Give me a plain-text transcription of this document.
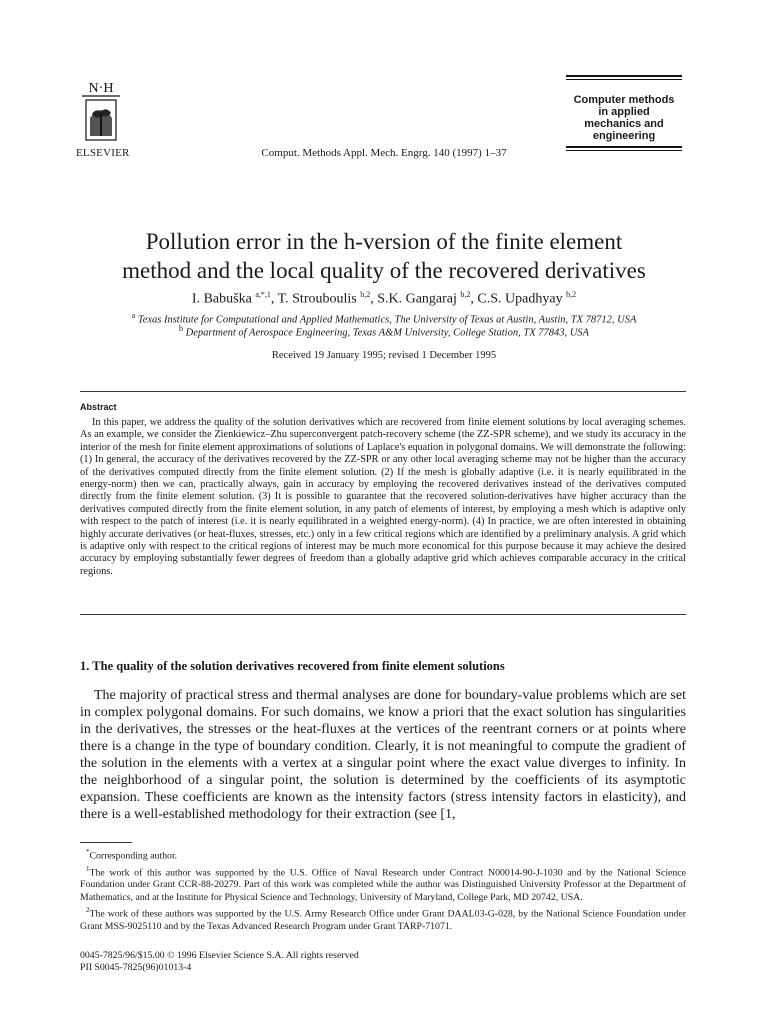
N·H
ELSEVIER	Comput. Methods Appl. Mech. Engrg. 140 (1997) 1–37
Computer methods
in applied
mechanics and
engineering
Pollution error in the h-version of the finite element
method and the local quality of the recovered derivatives
I. Babuška $^{a,*,1}$, T. Strouboulis $^{b,2}$, S.K. Gangaraj $^{b,2}$, C.S. Upadhyay $^{b,2}$
$^a$ Texas Institute for Computational and Applied Mathematics, The University of Texas at Austin, Austin, TX 78712, USA
$^b$ Department of Aerospace Engineering, Texas A&M University, College Station, TX 77843, USA
Received 19 January 1995; revised 1 December 1995
Abstract

In this paper, we address the quality of the solution derivatives which are recovered from finite element solutions by local averaging schemes. As an example, we consider the Zienkiewicz–Zhu superconvergent patch-recovery scheme (the ZZ-SPR scheme), and we study its accuracy in the interior of the mesh for finite element approximations of solutions of Laplace's equation in polygonal domains. We will demonstrate the following: (1) In general, the accuracy of the derivatives recovered by the ZZ-SPR or any other local averaging scheme may not be higher than the accuracy of the derivatives computed directly from the finite element solution. (2) If the mesh is globally adaptive (i.e. it is nearly equilibrated in the energy-norm) then we can, practically always, gain in accuracy by employing the recovered derivatives instead of the derivatives computed directly from the finite element solution. (3) It is possible to guarantee that the recovered solution-derivatives have higher accuracy than the derivatives computed directly from the finite element solution, in any patch of elements of interest, by employing a mesh which is adaptive only with respect to the patch of interest (i.e. it is nearly equilibrated in a weighted energy-norm). (4) In practice, we are often interested in obtaining highly accurate derivatives (or heat-fluxes, stresses, etc.) only in a few critical regions which are identified by a preliminary analysis. A grid which is adaptive only with respect to the critical regions of interest may be much more economical for this purpose because it may achieve the desired accuracy by employing substantially fewer degrees of freedom than a globally adaptive grid which achieves comparable accuracy in the critical regions.

1. The quality of the solution derivatives recovered from finite element solutions

The majority of practical stress and thermal analyses are done for boundary-value problems which are set in complex polygonal domains. For such domains, we know a priori that the exact solution has singularities in the derivatives, the stresses or the heat-fluxes at the vertices of the reentrant corners or at points where there is a change in the type of boundary condition. Clearly, it is not meaningful to compute the gradient of the solution in the elements with a vertex at a singular point where the exact value diverges to infinity. In the neighborhood of a singular point, the solution is determined by the coefficients of its asymptotic expansion. These coefficients are known as the intensity factors (stress intensity factors in elasticity), and there is a well-established methodology for their extraction (see [1,

*Corresponding author.

$^1$The work of this author was supported by the U.S. Office of Naval Research under Contract N00014-90-J-1030 and by the National Science Foundation under Grant CCR-88-20279. Part of this work was completed while the author was Distinguished University Professor at the Department of Mathematics, and at the Institute for Physical Science and Technology, University of Maryland, College Park, MD 20742, USA.

$^2$The work of these authors was supported by the U.S. Army Research Office under Grant DAAL03-G-028, by the National Science Foundation under Grant MSS-9025110 and by the Texas Advanced Research Program under Grant TARP-71071.

0045-7825/96/$15.00 © 1996 Elsevier Science S.A. All rights reserved
PII S0045-7825(96)01013-4
